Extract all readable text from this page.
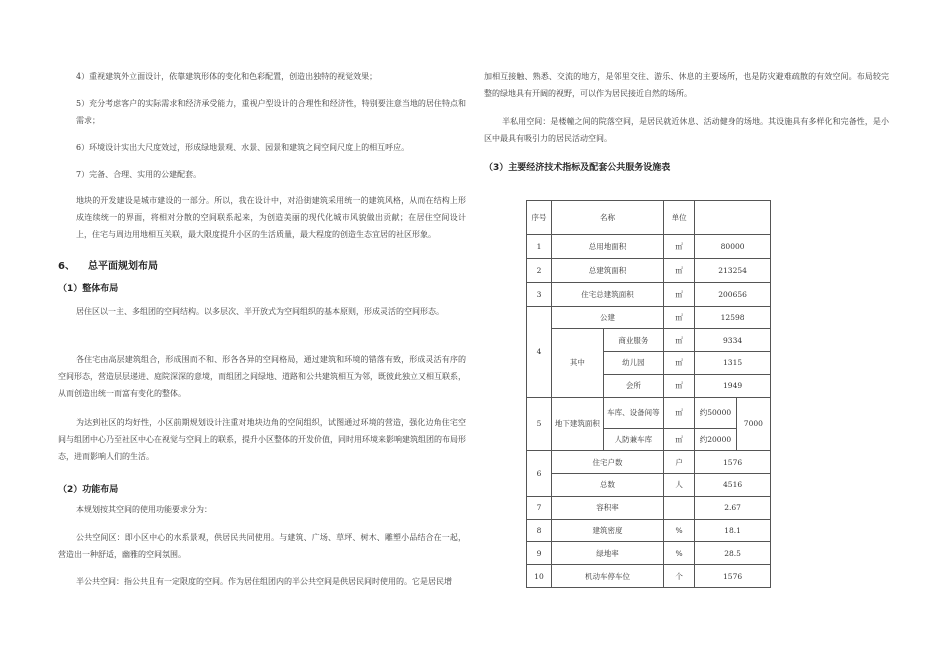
4）重视建筑外立面设计，依靠建筑形体的变化和色彩配置，创造出独特的视觉效果；

5）充分考虑客户的实际需求和经济承受能力，重视户型设计的合理性和经济性，特别要注意当地的居住特点和需求；

6）环境设计实出大尺度效过，形成绿地景观、水景、园景和建筑之间空间尺度上的相互呼应。

7）完备、合理、实用的公建配套。

地块的开发建设是城市建设的一部分。所以，我在设计中，对沿街建筑采用统一的建筑风格，从而在结构上形成连续统一的界面，将相对分散的空间联系起来，为创造美丽的现代化城市风貌做出贡献；在居住空间设计上，住宅与周边用地相互关联，最大限度提升小区的生活质量，最大程度的创造生态宜居的社区形象。

6、 总平面规划布局
（1）整体布局

居住区以一主、多组团的空间结构。以多层次、半开放式为空间组织的基本原则，形成灵活的空间形态。

各住宅由高层建筑组合，形成围而不和、形各各异的空间格局，通过建筑和环境的错落有致，形成灵活有序的空间形态，营造层层递进、庭院深深的意境，而组团之间绿地、道路和公共建筑相互为邻，既彼此独立又相互联系，从而创造出统一而富有变化的整体。

为达到社区的均好性，小区前期规划设计注重对地块边角的空间组织，试图通过环境的营造，强化边角住宅空间与组团中心乃至社区中心在视觉与空间上的联系，提升小区整体的开发价值，同时用环境来影响建筑组团的布局形态，进而影响人们的生活。

（2）功能布局

本规划按其空间的使用功能要求分为：

公共空间区：即小区中心的水系景观，供居民共同使用。与建筑、广场、草坪、树木、雕塑小品结合在一起，营造出一种舒适，幽雅的空间氛围。

半公共空间：指公共且有一定限度的空间。作为居住组团内的半公共空间是供居民间时使用的。它是居民增

加相互接触、熟悉、交流的地方，是邻里交往、游乐、休息的主要场所，也是防灾避难疏散的有效空间。布局较完整的绿地具有开阔的视野，可以作为居民接近自然的场所。

半私用空间：是楼幢之间的院落空间，是居民就近休息、活动健身的场地。其设施具有多样化和完备性，是小区中最具有吸引力的居民活动空间。

（3）主要经济技术指标及配套公共服务设施表
序号	名称		单位		
1	总用地面积		㎡	80000	
2	总建筑面积		㎡	213254	
3	住宅总建筑面积		㎡	200656	
4	公建		㎡	12598	
	其中	商业服务	㎡	9334	
		幼儿园	㎡	1315	
		会所	㎡	1949	
5	地下建筑面积	车库、设备间等	㎡	约50000	7000
		人防兼车库	㎡	约20000	
6	住宅户数		户	1576	
	总数		人	4516	
7	容积率			2.67	
8	建筑密度		%	18.1	
9	绿地率		%	28.5	
10	机动车停车位		个	1576	
